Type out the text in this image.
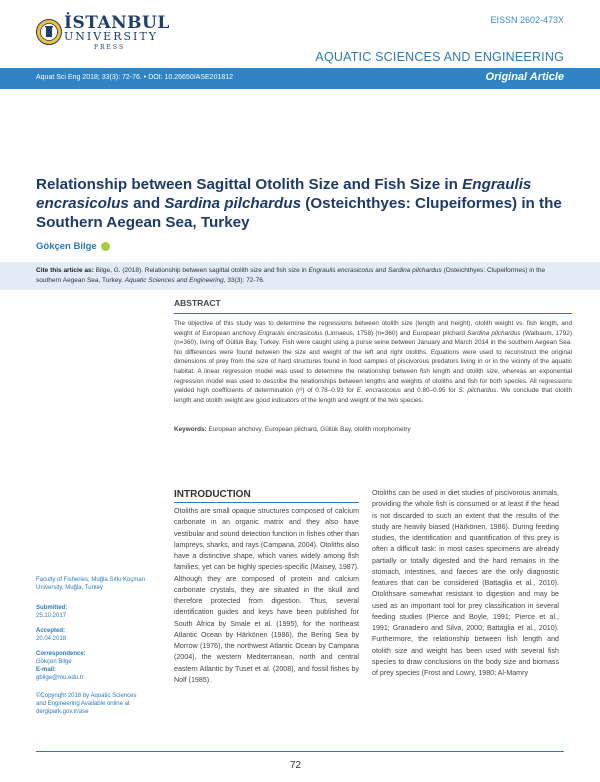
İSTANBUL
UNIVERSITY
PRESS
EISSN 2602-473X
AQUATIC SCIENCES AND ENGINEERING
Aquat Sci Eng 2018; 33(3): 72-76. • DOI: 10.26650/ASE201812	Original Article
Relationship between Sagittal Otolith Size and Fish Size in Engraulis encrasicolus and Sardina pilchardus (Osteichthyes: Clupeiformes) in the Southern Aegean Sea, Turkey
Gökçen Bilge
Cite this article as: Bilge, G. (2018). Relationship between sagittal otolith size and fish size in Engraulis encrasicolus and Sardina pilchardus (Osteichthyes: Clupeiformes) in the southern Aegean Sea, Turkey. Aquatic Sciences and Engineering, 33(3): 72-76.
ABSTRACT
The objective of this study was to determine the regressions between otolith size (length and height), otolith weight vs. fish length, and weight of European anchovy Engraulis encrasicolus (Linnaeus, 1758) (n=360) and European pilchard Sardina pilchardus (Walbaum, 1792) (n=360), living off Güllük Bay, Turkey. Fish were caught using a purse seine between January and March 2014 in the southern Aegean Sea. No differences were found between the size and weight of the left and right otoliths. Equations were used to reconstruct the original dimensions of prey from the size of hard structures found in food samples of piscivorous predators living in or in the vicinity of the aquatic habitat. A linear regression model was used to determine the relationship between fish length and otolith size, whereas an exponential regression model was used to describe the relationships between lengths and weights of otoliths and fish for both species. All regressions yielded high coefficients of determination (r²) of 0.78–0.93 for E. encrasicolus and 0.80–0.95 for S. pilchardus. We conclude that otolith length and otolith weight are good indicators of the length and weight of the two species.
Keywords: European anchovy, European pilchard, Güllük Bay, otolith morphometry
Faculty of Fisheries, Muğla Sıtkı Koçman University, Muğla, Turkey
Submitted:
25.10.2017
Accepted:
20.04.2018
Correspondence:
Gökçen Bilge
E-mail:
gbilge@mu.edu.tr
©Copyright 2018 by Aquatic Sciences and Engineering Available online at dergipark.gov.tr/ase
INTRODUCTION
Otoliths are small opaque structures composed of calcium carbonate in an organic matrix and they also have vestibular and sound detection function in fishes other than lampreys, sharks, and rays (Campana, 2004). Otoliths also have a distinctive shape, which varies widely among fish families, yet can be highly species-specific (Maisey, 1987). Although they are composed of protein and calcium carbonate crystals, they are situated in the skull and therefore protected from digestion. Thus, several identification guides and keys have been published for South Africa by Smale et al. (1995), for the northeast Atlantic Ocean by Härkönen (1986), the Bering Sea by Morrow (1976), the northwest Atlantic Ocean by Campana (2004), the western Mediterranean, north and central eastern Atlantic by Tuset et al. (2008), and fossil fishes by Nolf (1985).
Otoliths can be used in diet studies of piscivorous animals, providing the whole fish is consumed or at least if the head is not discarded to such an extent that the results of the study are heavily biased (Härkönen, 1986). During feeding studies, the identification and quantification of this prey is often a difficult task: in most cases specimens are already partially or totally digested and the hard remains in the stomach, intestines, and faeces are the only diagnostic features that can be considered (Battaglia et al., 2010). Otolithsare somewhat resistant to digestion and may be used as an important tool for prey classification in several feeding studies (Pierce and Boyle, 1991; Pierce et al., 1991; Granadeiro and Silva, 2000; Battaglia et al., 2010). Furthermore, the relationship between fish length and otolith size and weight has been used with several fish species to draw conclusions on the body size and biomass of prey species (Frost and Lowry, 1980; Al-Mamry
72
